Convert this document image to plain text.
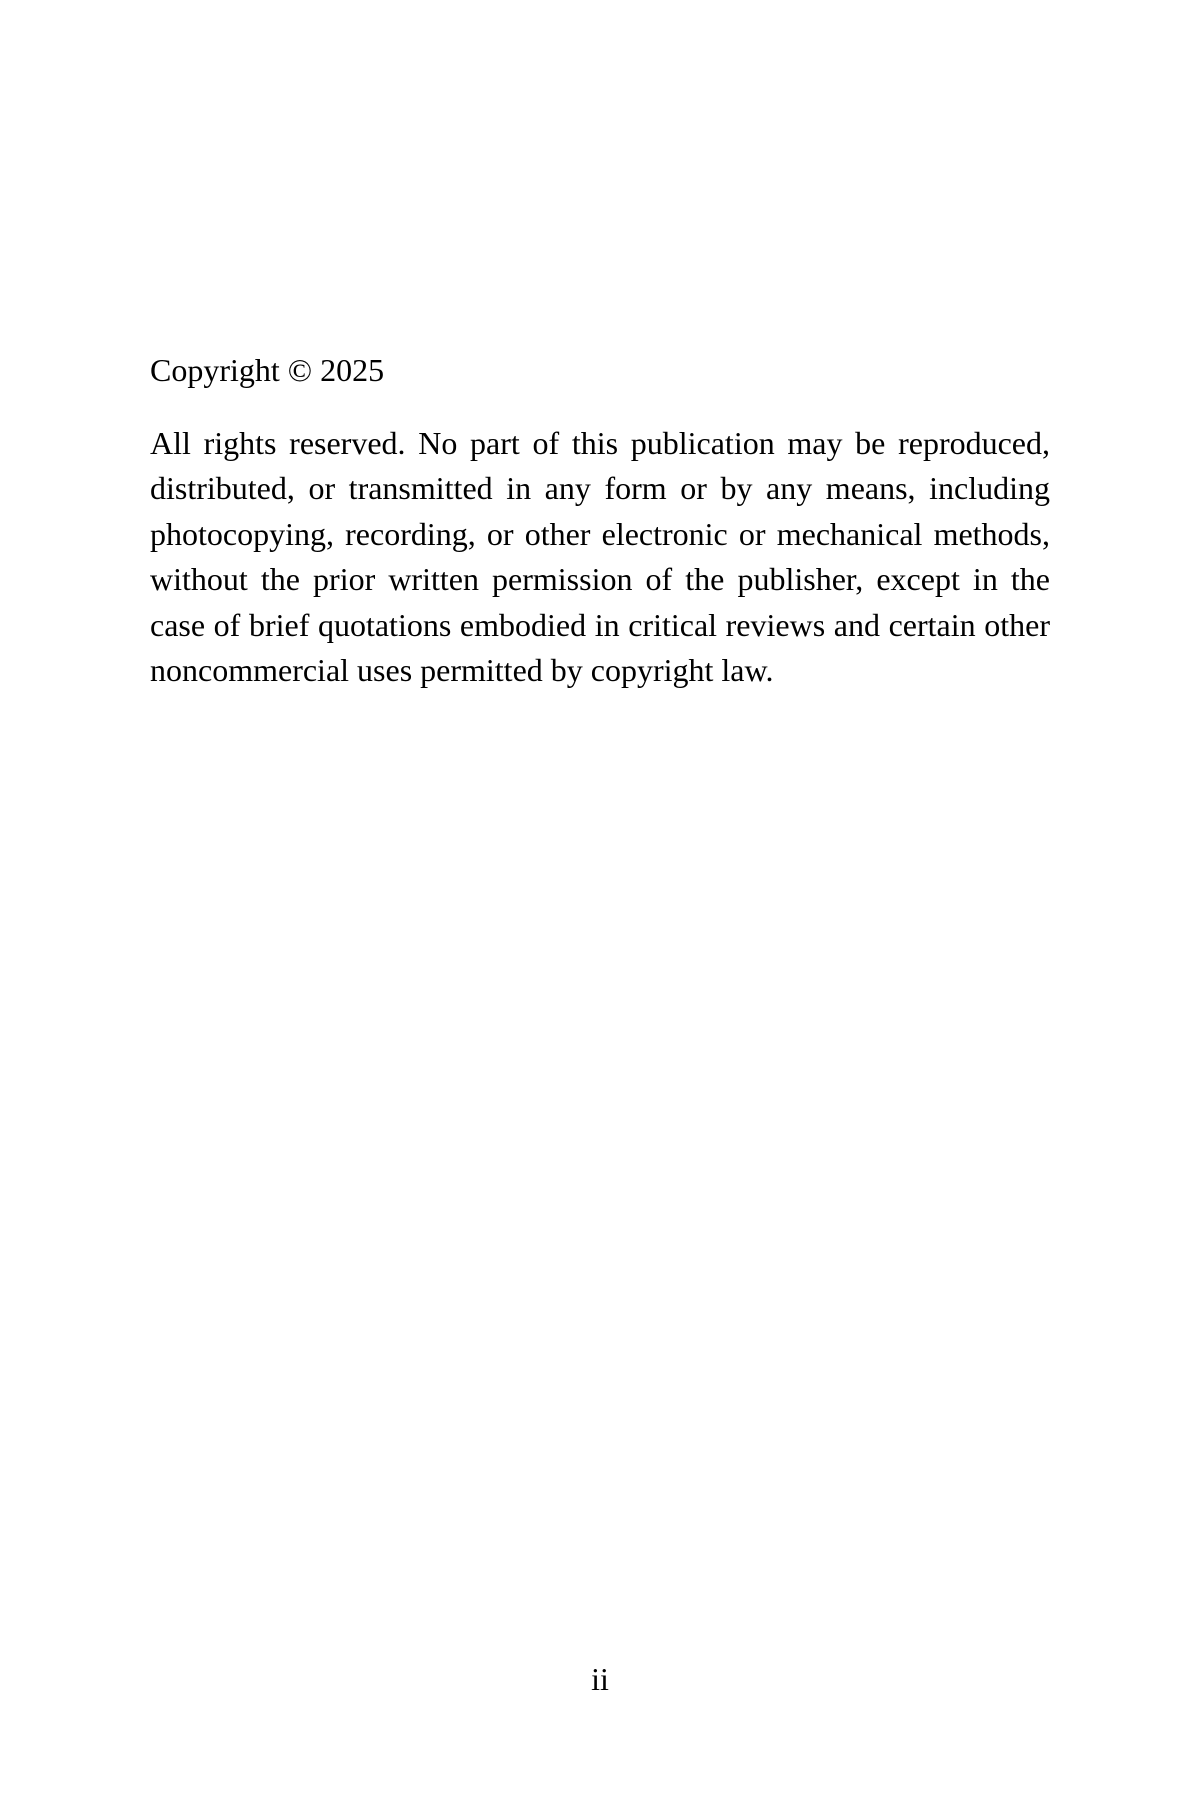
Copyright © 2025
All rights reserved. No part of this publication may be reproduced,
distributed, or transmitted in any form or by any means, including
photocopying, recording, or other electronic or mechanical methods,
without the prior written permission of the publisher, except in the
case of brief quotations embodied in critical reviews and certain other
noncommercial uses permitted by copyright law.
ii
